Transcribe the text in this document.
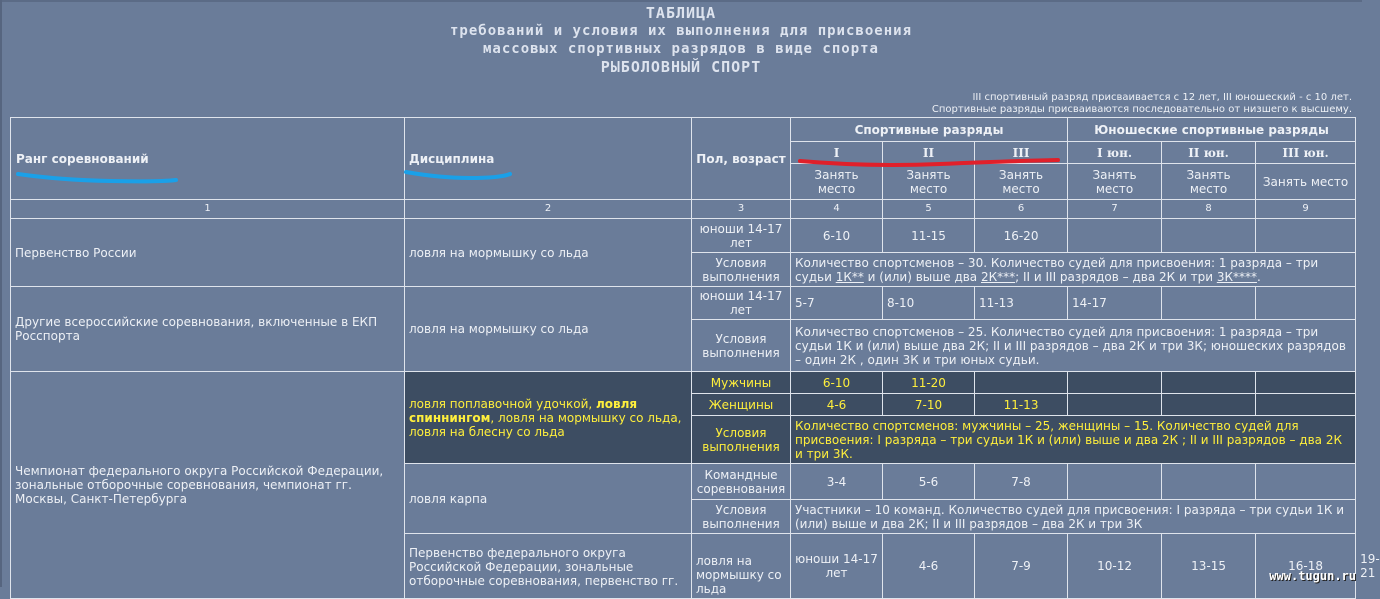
ТАБЛИЦА
требований и условия их выполнения для присвоения
массовых спортивных разрядов в виде спорта
РЫБОЛОВНЫЙ СПОРТ
III спортивный разряд присваивается с 12 лет, III юношеский - с 10 лет.
Спортивные разряды присваиваются последовательно от низшего к высшему.
Ранг соревнований	Дисциплина	Пол, возраст	Спортивные разряды			Юношеские спортивные разряды			
			I	II	III	I юн.	II юн.	III юн.	
			Занять место	Занять место	Занять место	Занять место	Занять место	Занять место	
1	2	3	4	5	6	7	8	9	
Первенство России	ловля на мормышку со льда	юноши 14-17 лет	6-10	11-15	16-20				
		Условия выполнения	Количество спортсменов – 30. Количество судей для присвоения: 1 разряда – три судьи 1К** и (или) выше два 2К***; II и III разрядов – два 2К и три 3К****.						
Другие всероссийские соревнования, включенные в ЕКП Росспорта	ловля на мормышку со льда	юноши 14-17 лет	5-7	8-10	11-13	14-17			
		Условия выполнения	Количество спортсменов – 25. Количество судей для присвоения: 1 разряда – три судьи 1К и (или) выше два 2К; II и III разрядов – два 2К и три 3К; юношеских разрядов – один 2К , один 3К и три юных судьи.						
Чемпионат федерального округа Российской Федерации, зональные отборочные соревнования, чемпионат гг. Москвы, Санкт-Петербурга	ловля поплавочной удочкой, ловля спиннингом, ловля на мормышку со льда, ловля на блесну со льда	Мужчины	6-10	11-20					
		Женщины	4-6	7-10	11-13				
		Условия выполнения	Количество спортсменов: мужчины – 25, женщины – 15. Количество судей для присвоения: I разряда – три судьи 1К и (или) выше и два 2К ; II и III разрядов – два 2К и три 3К.						
	ловля карпа	Командные соревнования	3-4	5-6	7-8				
		Условия выполнения	Участники – 10 команд. Количество судей для присвоения: I разряда – три судьи 1К и (или) выше и два 2К; II и III разрядов – два 2К и три 3К						
	Первенство федерального округа Российской Федерации, зональные отборочные соревнования, первенство гг.	ловля на мормышку со льда	юноши 14-17 лет	4-6	7-9	10-12	13-15	16-18	19-21
www.tugun.ru
